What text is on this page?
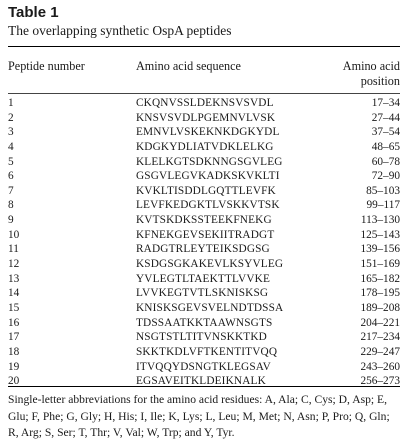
Table 1
The overlapping synthetic OspA peptides
Peptide number	Amino acid sequence	Amino acid
position
1	CKQNVSSLDEKNSVSVDL	17–34
2	KNSVSVDLPGEMNVLVSK	27–44
3	EMNVLVSKEKNKDGKYDL	37–54
4	KDGKYDLIATVDKLELKG	48–65
5	KLELKGTSDKNNGSGVLEG	60–78
6	GSGVLEGVKADKSKVKLTI	72–90
7	KVKLTISDDLGQTTLEVFK	85–103
8	LEVFKEDGKTLVSKKVTSK	99–117
9	KVTSKDKSSTEEKFNEKG	113–130
10	KFNEKGEVSEKIITRADGT	125–143
11	RADGTRLEYTEIKSDGSG	139–156
12	KSDGSGKAKEVLKSYVLEG	151–169
13	YVLEGTLTAEKTTLVVKE	165–182
14	LVVKEGTVTLSKNISKSG	178–195
15	KNISKSGEVSVELNDTDSSA	189–208
16	TDSSAATKKTAAWNSGTS	204–221
17	NSGTSTLTITVNSKKTKD	217–234
18	SKKTKDLVFTKENTITVQQ	229–247
19	ITVQQYDSNGTKLEGSAV	243–260
20	EGSAVEITKLDEIKNALK	256–273
Single-letter abbreviations for the amino acid residues: A, Ala; C, Cys; D, Asp; E, Glu; F, Phe; G, Gly; H, His; I, Ile; K, Lys; L, Leu; M, Met; N, Asn; P, Pro; Q, Gln; R, Arg; S, Ser; T, Thr; V, Val; W, Trp; and Y, Tyr.
